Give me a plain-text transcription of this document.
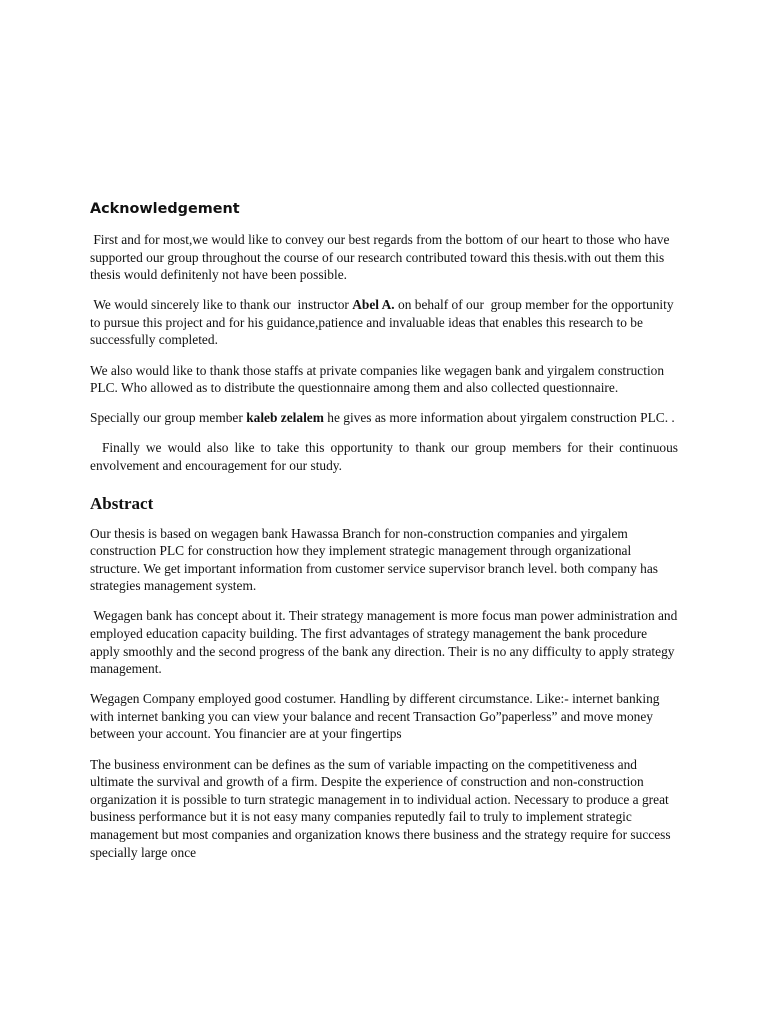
Acknowledgement

First and for most,we would like to convey our best regards from the bottom of our heart to those who have supported our group throughout the course of our research contributed toward this thesis.with out them this thesis would definitenly not have been possible.

We would sincerely like to thank our  instructor Abel A. on behalf of our  group member for the opportunity to pursue this project and for his guidance,patience and invaluable ideas that enables this research to be successfully completed.

We also would like to thank those staffs at private companies like wegagen bank and yirgalem construction PLC. Who allowed as to distribute the questionnaire among them and also collected questionnaire.

Specially our group member kaleb zelalem he gives as more information about yirgalem construction PLC. .

Finally we would also like to take this opportunity to thank our group members for their continuous envolvement and encouragement for our study.

Abstract

Our thesis is based on wegagen bank Hawassa Branch for non-construction companies and yirgalem construction PLC for construction how they implement strategic management through organizational structure. We get important information from customer service supervisor branch level. both company has strategies management system.

Wegagen bank has concept about it. Their strategy management is more focus man power administration and employed education capacity building. The first advantages of strategy management the bank procedure apply smoothly and the second progress of the bank any direction. Their is no any difficulty to apply strategy management.

Wegagen Company employed good costumer. Handling by different circumstance. Like:- internet banking with internet banking you can view your balance and recent Transaction Go”paperless” and move money between your account. You financier are at your fingertips

The business environment can be defines as the sum of variable impacting on the competitiveness and ultimate the survival and growth of a firm. Despite the experience of construction and non-construction organization it is possible to turn strategic management in to individual action. Necessary to produce a great business performance but it is not easy many companies reputedly fail to truly to implement strategic management but most companies and organization knows there business and the strategy require for success specially large once
